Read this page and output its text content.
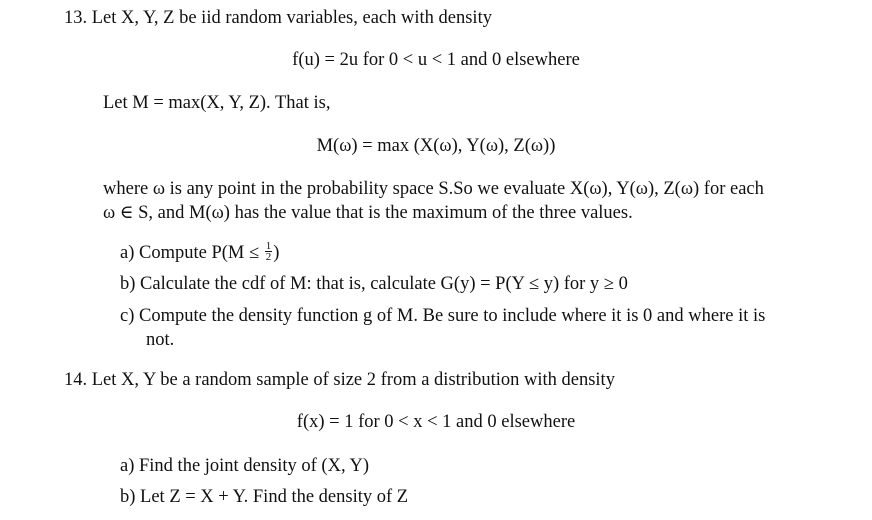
13. Let X, Y, Z be iid random variables, each with density
f(u) = 2u for 0 < u < 1 and 0 elsewhere
Let M = max(X, Y, Z). That is,
M(ω) = max (X(ω), Y(ω), Z(ω))
where ω is any point in the probability space S.So we evaluate X(ω), Y(ω), Z(ω) for each
ω ∈ S, and M(ω) has the value that is the maximum of the three values.
a) Compute $P(M \le \frac{1}{2}$ )
b) Calculate the cdf of M: that is, calculate G(y) = P(Y ≤ y) for y ≥ 0
c) Compute the density function g of M. Be sure to include where it is 0 and where it is
not.
14. Let X, Y be a random sample of size 2 from a distribution with density
f(x) = 1 for 0 < x < 1 and 0 elsewhere
a) Find the joint density of (X, Y)
b) Let Z = X + Y. Find the density of Z
